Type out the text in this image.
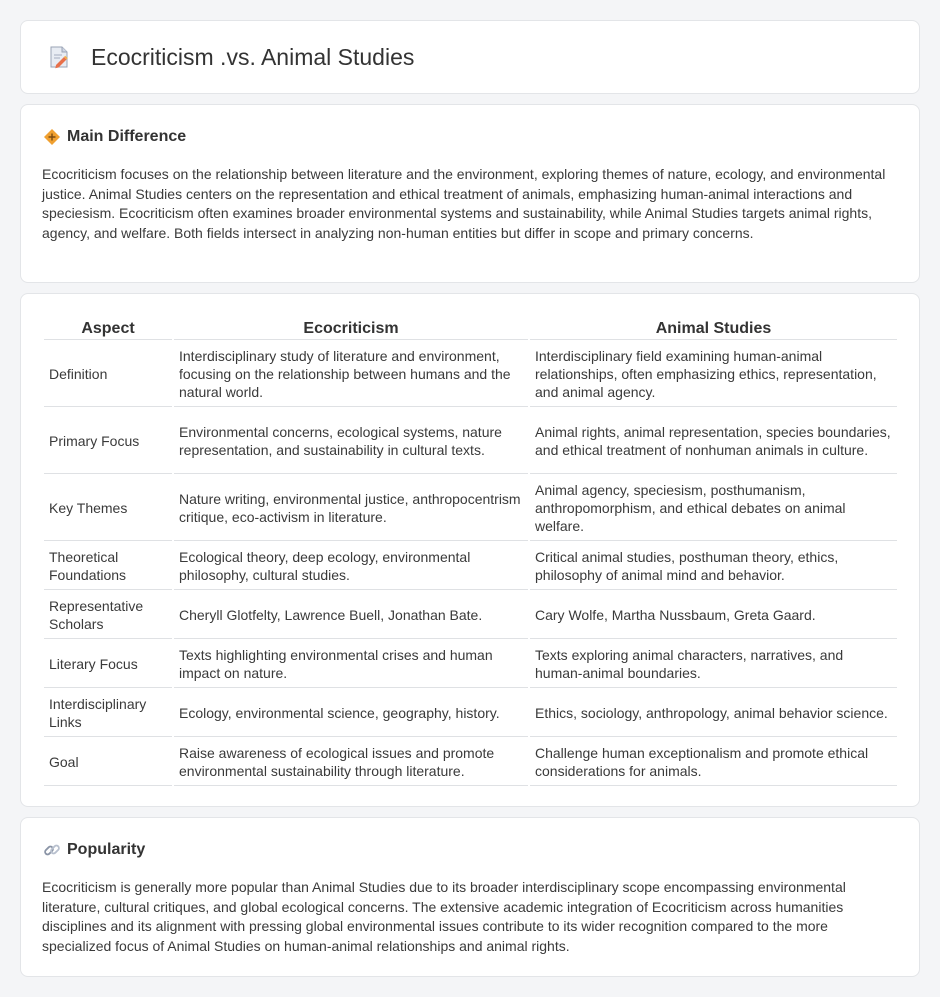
Ecocriticism .vs. Animal Studies
Main Difference

Ecocriticism focuses on the relationship between literature and the environment, exploring themes of nature, ecology, and environmental justice. Animal Studies centers on the representation and ethical treatment of animals, emphasizing human-animal interactions and speciesism. Ecocriticism often examines broader environmental systems and sustainability, while Animal Studies targets animal rights, agency, and welfare. Both fields intersect in analyzing non-human entities but differ in scope and primary concerns.

Aspect	Ecocriticism	Animal Studies
Definition	Interdisciplinary study of literature and environment, focusing on the relationship between humans and the natural world.	Interdisciplinary field examining human-animal relationships, often emphasizing ethics, representation, and animal agency.
Primary Focus	Environmental concerns, ecological systems, nature representation, and sustainability in cultural texts.	Animal rights, animal representation, species boundaries, and ethical treatment of nonhuman animals in culture.
Key Themes	Nature writing, environmental justice, anthropocentrism critique, eco-activism in literature.	Animal agency, speciesism, posthumanism, anthropomorphism, and ethical debates on animal welfare.
Theoretical Foundations	Ecological theory, deep ecology, environmental philosophy, cultural studies.	Critical animal studies, posthuman theory, ethics, philosophy of animal mind and behavior.
Representative Scholars	Cheryll Glotfelty, Lawrence Buell, Jonathan Bate.	Cary Wolfe, Martha Nussbaum, Greta Gaard.
Literary Focus	Texts highlighting environmental crises and human impact on nature.	Texts exploring animal characters, narratives, and human-animal boundaries.
Interdisciplinary Links	Ecology, environmental science, geography, history.	Ethics, sociology, anthropology, animal behavior science.
Goal	Raise awareness of ecological issues and promote environmental sustainability through literature.	Challenge human exceptionalism and promote ethical considerations for animals.
Popularity

Ecocriticism is generally more popular than Animal Studies due to its broader interdisciplinary scope encompassing environmental literature, cultural critiques, and global ecological concerns. The extensive academic integration of Ecocriticism across humanities disciplines and its alignment with pressing global environmental issues contribute to its wider recognition compared to the more specialized focus of Animal Studies on human-animal relationships and animal rights.
